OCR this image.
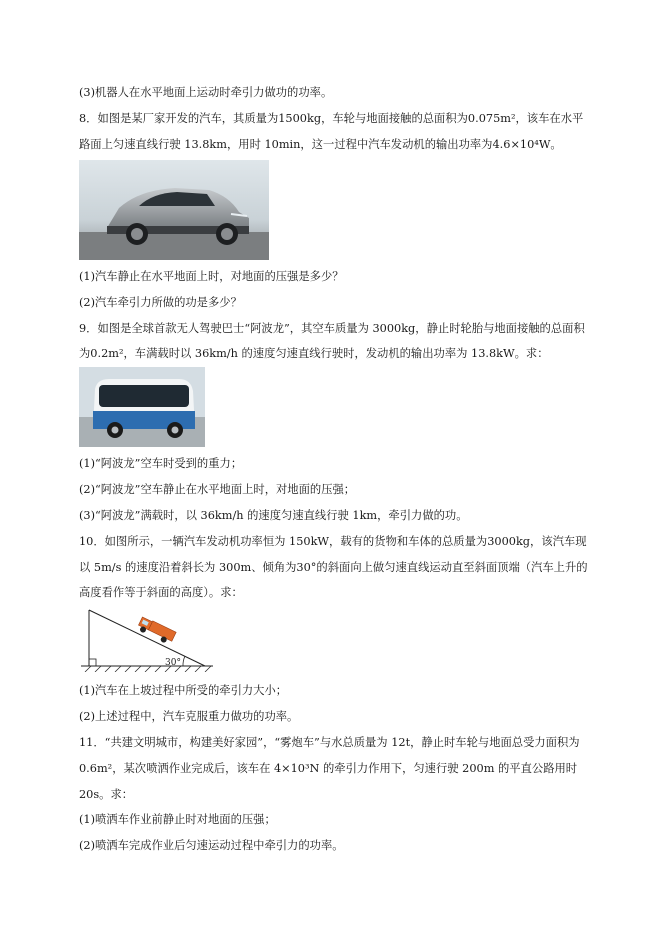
(3)机器人在水平地面上运动时牵引力做功的功率。
8．如图是某厂家开发的汽车，其质量为1500kg，车轮与地面接触的总面积为0.075m²，该车在水平
路面上匀速直线行驶 13.8km，用时 10min，这一过程中汽车发动机的输出功率为4.6×10⁴W。
(1)汽车静止在水平地面上时，对地面的压强是多少？
(2)汽车牵引力所做的功是多少？
9．如图是全球首款无人驾驶巴士“阿波龙”，其空车质量为 3000kg，静止时轮胎与地面接触的总面积
为0.2m²，车满载时以 36km/h 的速度匀速直线行驶时，发动机的输出功率为 13.8kW。求：
(1)“阿波龙”空车时受到的重力；
(2)“阿波龙”空车静止在水平地面上时，对地面的压强；
(3)“阿波龙”满载时，以 36km/h 的速度匀速直线行驶 1km，牵引力做的功。
10．如图所示，一辆汽车发动机功率恒为 150kW，载有的货物和车体的总质量为3000kg，该汽车现
以 5m/s 的速度沿着斜长为 300m、倾角为30°的斜面向上做匀速直线运动直至斜面顶端（汽车上升的
高度看作等于斜面的高度）。求：
30°
(1)汽车在上坡过程中所受的牵引力大小；
(2)上述过程中，汽车克服重力做功的功率。
11．“共建文明城市，构建美好家园”，“雾炮车”与水总质量为 12t，静止时车轮与地面总受力面积为
0.6m²，某次喷洒作业完成后，该车在 4×10³N 的牵引力作用下，匀速行驶 200m 的平直公路用时
20s。求：
(1)喷洒车作业前静止时对地面的压强；
(2)喷洒车完成作业后匀速运动过程中牵引力的功率。
